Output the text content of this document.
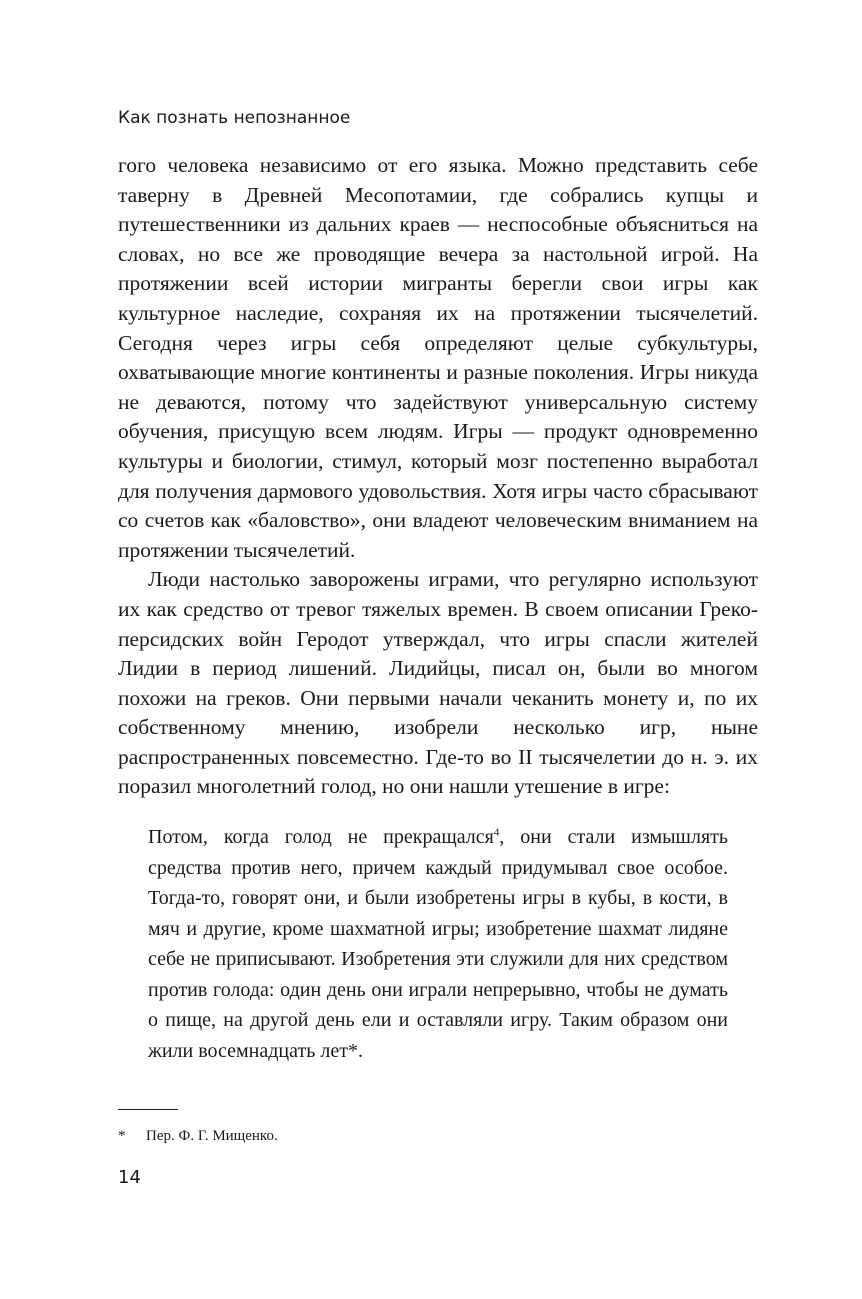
Как познать непознанное

гого человека независимо от его языка. Можно представить себе таверну в Древней Месопотамии, где собрались купцы и путешественники из дальних краев — неспособные объясниться на словах, но все же проводящие вечера за настольной игрой. На протяжении всей истории мигранты берегли свои игры как культурное наследие, сохраняя их на протяжении тысячелетий. Сегодня через игры себя определяют целые субкультуры, охватывающие многие континенты и разные поколения. Игры никуда не деваются, потому что задействуют универсальную систему обучения, присущую всем людям. Игры — продукт одновременно культуры и биологии, стимул, который мозг постепенно выработал для получения дармового удовольствия. Хотя игры часто сбрасывают со счетов как «баловство», они владеют человеческим вниманием на протяжении тысячелетий.

Люди настолько заворожены играми, что регулярно используют их как средство от тревог тяжелых времен. В своем описании Греко-персидских войн Геродот утверждал, что игры спасли жителей Лидии в период лишений. Лидийцы, писал он, были во многом похожи на греков. Они первыми начали чеканить монету и, по их собственному мнению, изобрели несколько игр, ныне распространенных повсеместно. Где-то во II тысячелетии до н. э. их поразил многолетний голод, но они нашли утешение в игре:

Потом, когда голод не прекращался$^4$, они стали измышлять средства против него, причем каждый придумывал свое особое. Тогда-то, говорят они, и были изобретены игры в кубы, в кости, в мяч и другие, кроме шахматной игры; изобретение шахмат лидяне себе не приписывают. Изобретения эти служили для них средством против голода: один день они играли непрерывно, чтобы не думать о пище, на другой день ели и оставляли игру. Таким образом они жили восемнадцать лет*.

* Пер. Ф. Г. Мищенко.
14
